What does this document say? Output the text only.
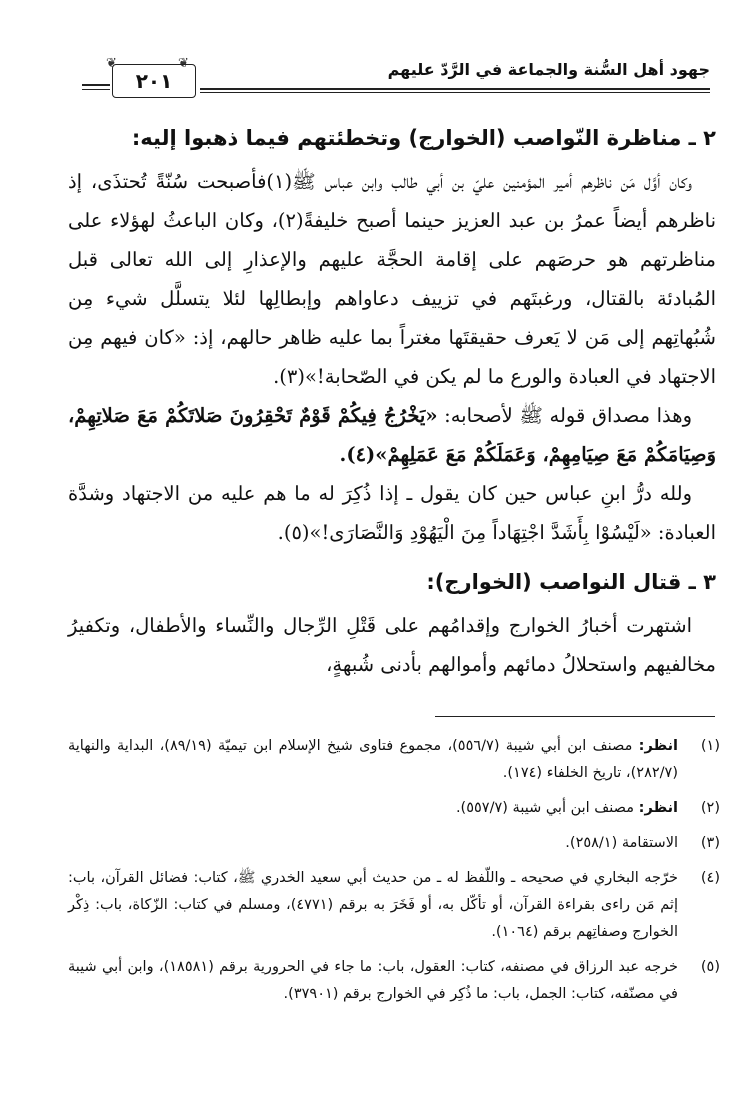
❦	❦
٢٠١	جهود أهل السُّنة والجماعة في الرَّدّ عليهم
٢ ـ مناظرة النّواصب (الخوارج) وتخطئتهم فيما ذهبوا إليه:

وكان أوَّل مَن ناظرهم أمير المؤمنين عليّ بن أبي طالب وابن عباس ﷺ(١)فأصبحت سُنّةً تُحتذَى، إذ ناظرهم أيضاً عمرُ بن عبد العزيز حينما أصبح خليفةً(٢)، وكان الباعثُ لهؤلاء على مناظرتهم هو حرصَهم على إقامة الحجَّة عليهم والإعذارِ إلى الله تعالى قبل المُبادئة بالقتال، ورغبتَهم في تزييف دعاواهم وإبطالِها لئلا يتسلَّل شيء مِن شُبُهاتِهم إلى مَن لا يَعرف حقيقتَها مغتراً بما عليه ظاهر حالهم، إذ: «كان فيهم مِن الاجتهاد في العبادة والورع ما لم يكن في الصّحابة!»(٣).

وهذا مصداق قوله ﷺ لأصحابه: «يَخْرُجُ فِيكُمْ قَوْمٌ تَحْقِرُونَ صَلاتَكُمْ مَعَ صَلاتِهِمْ، وَصِيَامَكُمْ مَعَ صِيَامِهِمْ، وَعَمَلَكُمْ مَعَ عَمَلِهِمْ»(٤).

ولله درُّ ابنِ عباس حين كان يقول ـ إذا ذُكِرَ له ما هم عليه من الاجتهاد وشدَّة العبادة: «لَيْسُوْا بِأَشَدَّ اجْتِهَاداً مِنَ الْيَهُوْدِ وَالنَّصَارَى!»(٥).

٣ ـ قتال النواصب (الخوارج):

اشتهرت أخبارُ الخوارج وإقدامُهم على قَتْلِ الرِّجال والنِّساء والأطفال، وتكفيرُ مخالفيهم واستحلالُ دمائهم وأموالهم بأدنى شُبهةٍ،

(١)
انظر: مصنف ابن أبي شيبة (٥٥٦/٧)، مجموع فتاوى شيخ الإسلام ابن تيميّة (٨٩/١٩)، البداية والنهاية (٢٨٢/٧)، تاريخ الخلفاء (١٧٤).
(٢)
انظر: مصنف ابن أبي شيبة (٥٥٧/٧).
(٣)
الاستقامة (٢٥٨/١).
(٤)
خرّجه البخاري في صحيحه ـ واللّفظ له ـ من حديث أبي سعيد الخدري ﷺ، كتاب: فضائل القرآن، باب: إثم مَن راءى بقراءة القرآن، أو تأكّل به، أو فَخَرَ به برقم (٤٧٧١)، ومسلم في كتاب: الزّكاة، باب: ذِكْر الخوارج وصفاتِهم برقم (١٠٦٤).
(٥)
خرجه عبد الرزاق في مصنفه، كتاب: العقول، باب: ما جاء في الحرورية برقم (١٨٥٨١)، وابن أبي شيبة في مصنّفه، كتاب: الجمل، باب: ما ذُكِر في الخوارج برقم (٣٧٩٠١).
